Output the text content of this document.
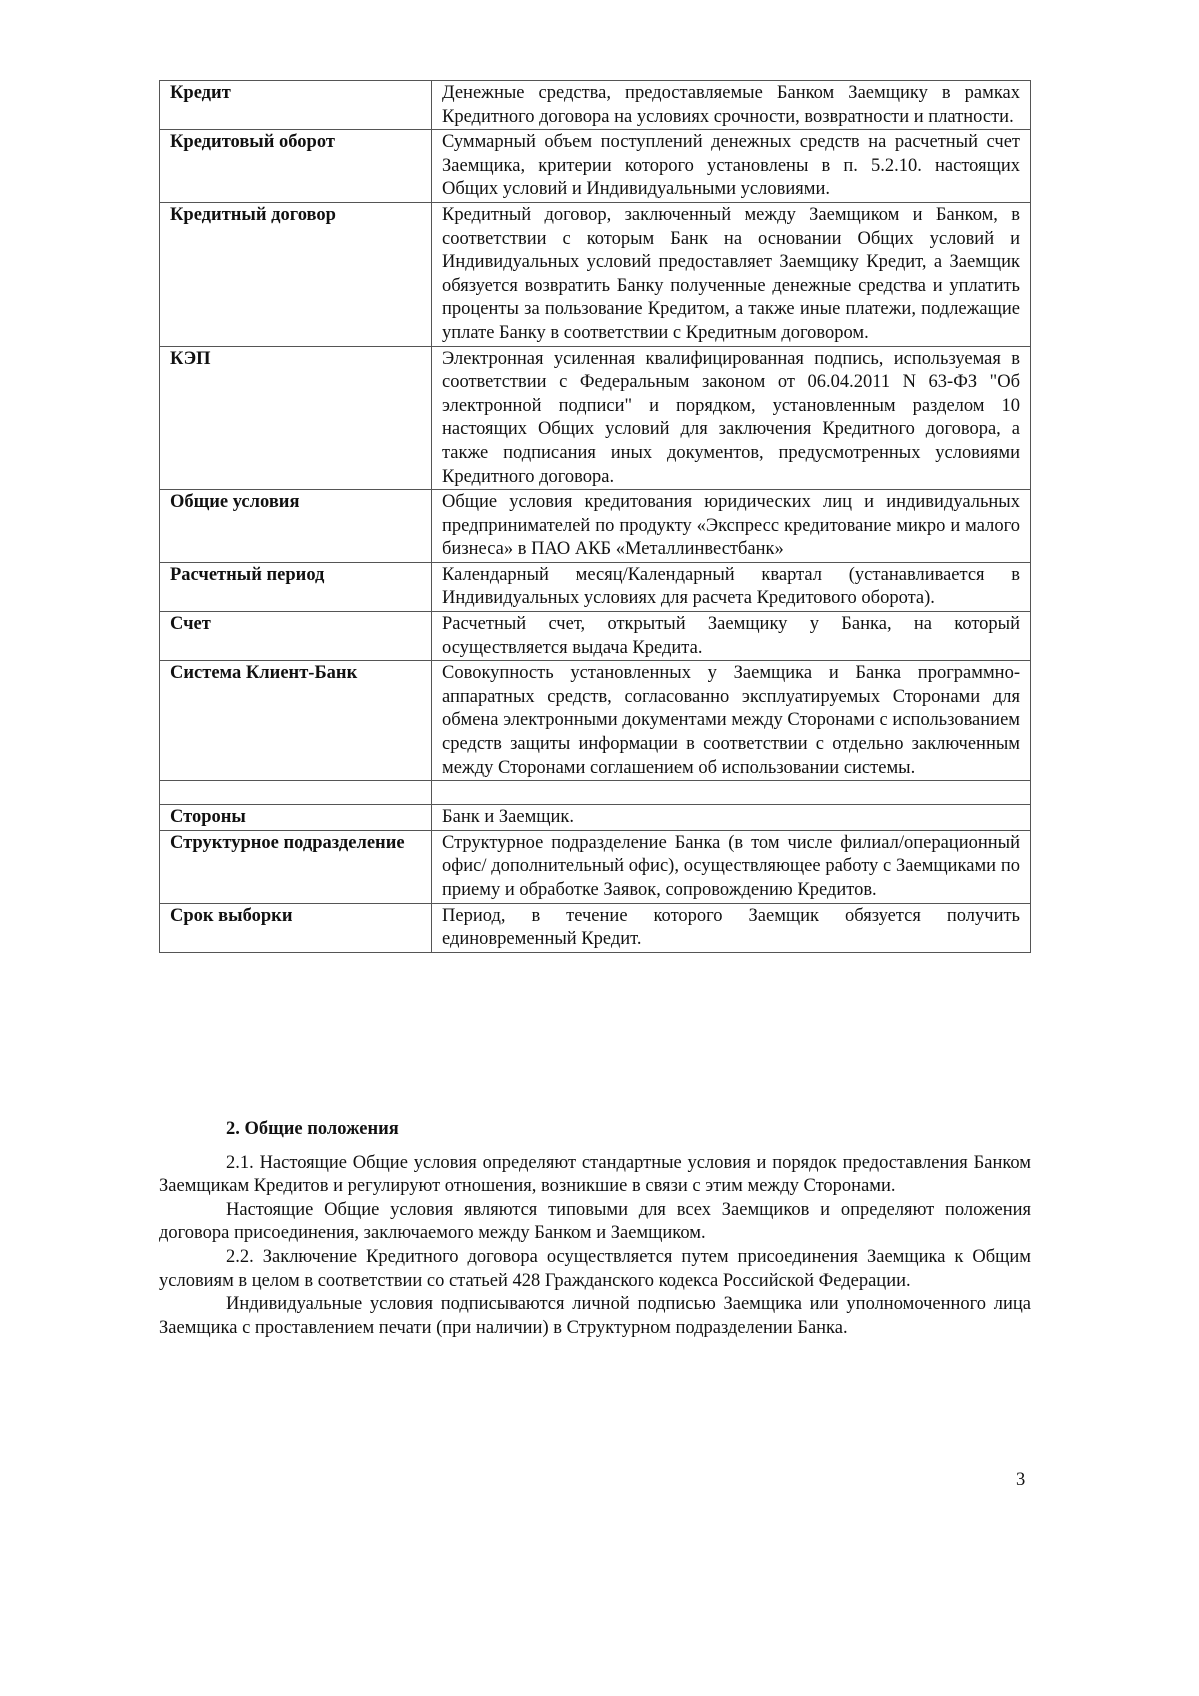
Кредит	Денежные средства, предоставляемые Банком Заемщику в рамках Кредитного договора на условиях срочности, возвратности и платности.
Кредитовый оборот	Суммарный объем поступлений денежных средств на расчетный счет Заемщика, критерии которого установлены в п. 5.2.10. настоящих Общих условий и Индивидуальными условиями.
Кредитный договор	Кредитный договор, заключенный между Заемщиком и Банком, в соответствии с которым Банк на основании Общих условий и Индивидуальных условий предоставляет Заемщику Кредит, а Заемщик обязуется возвратить Банку полученные денежные средства и уплатить проценты за пользование Кредитом, а также иные платежи, подлежащие уплате Банку в соответствии с Кредитным договором.
КЭП	Электронная усиленная квалифицированная подпись, используемая в соответствии с Федеральным законом от 06.04.2011 N 63-ФЗ "Об электронной подписи" и порядком, установленным разделом 10 настоящих Общих условий для заключения Кредитного договора, а также подписания иных документов, предусмотренных условиями Кредитного договора.
Общие условия	Общие условия кредитования юридических лиц и индивидуальных предпринимателей по продукту «Экспресс кредитование микро и малого бизнеса» в ПАО АКБ «Металлинвестбанк»
Расчетный период	Календарный месяц/Календарный квартал (устанавливается в Индивидуальных условиях для расчета Кредитового оборота).
Счет	Расчетный счет, открытый Заемщику у Банка, на который осуществляется выдача Кредита.
Система Клиент-Банк	Совокупность установленных у Заемщика и Банка программно-аппаратных средств, согласованно эксплуатируемых Сторонами для обмена электронными документами между Сторонами с использованием средств защиты информации в соответствии с отдельно заключенным между Сторонами соглашением об использовании системы.

Стороны	Банк и Заемщик.
Структурное подразделение	Структурное подразделение Банка (в том числе филиал/операционный офис/ дополнительный офис), осуществляющее работу с Заемщиками по приему и обработке Заявок, сопровождению Кредитов.
Срок выборки	Период, в течение которого Заемщик обязуется получить единовременный Кредит.
2. Общие положения

2.1. Настоящие Общие условия определяют стандартные условия и порядок предоставления Банком Заемщикам Кредитов и регулируют отношения, возникшие в связи с этим между Сторонами.

Настоящие Общие условия являются типовыми для всех Заемщиков и определяют положения договора присоединения, заключаемого между Банком и Заемщиком.

2.2. Заключение Кредитного договора осуществляется путем присоединения Заемщика к Общим условиям в целом в соответствии со статьей 428 Гражданского кодекса Российской Федерации.

Индивидуальные условия подписываются личной подписью Заемщика или уполномоченного лица Заемщика с проставлением печати (при наличии) в Структурном подразделении Банка.

3
